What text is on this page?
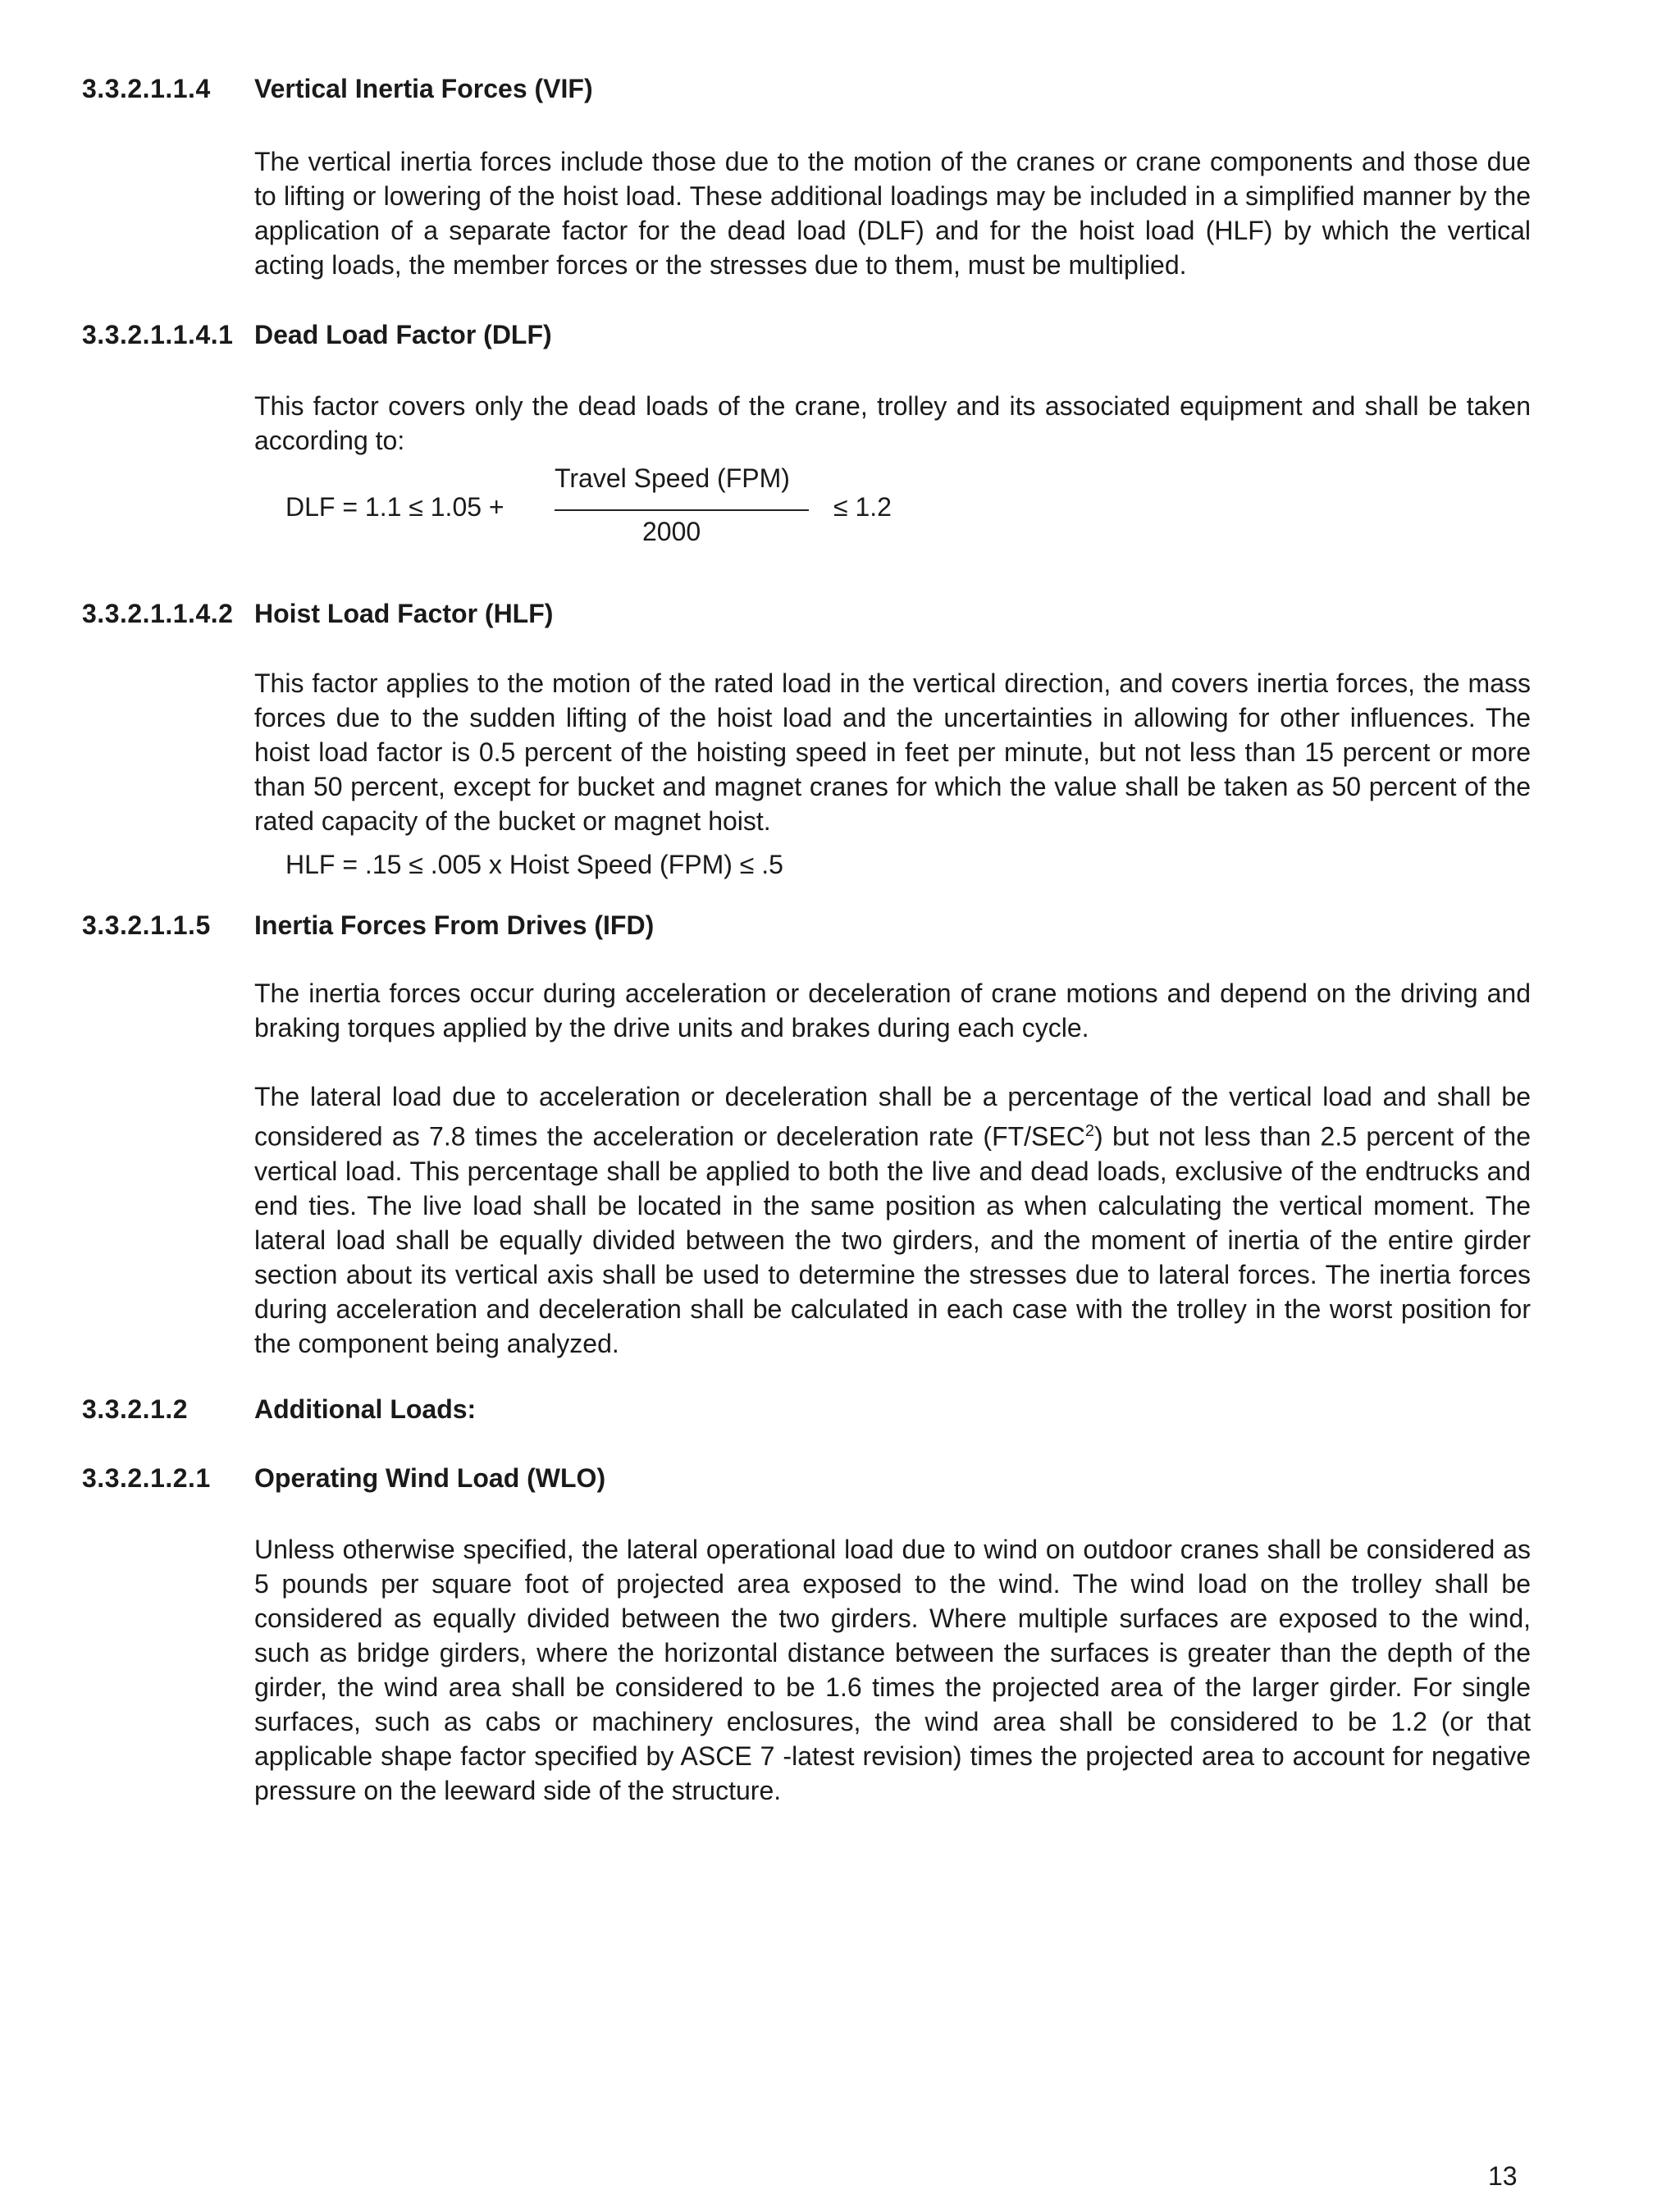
3.3.2.1.1.4 Vertical Inertia Forces (VIF)

The vertical inertia forces include those due to the motion of the cranes or crane components and those due to lifting or lowering of the hoist load. These additional loadings may be included in a simplified manner by the application of a separate factor for the dead load (DLF) and for the hoist load (HLF) by which the vertical acting loads, the member forces or the stresses due to them, must be multiplied.

3.3.2.1.1.4.1 Dead Load Factor (DLF)

This factor covers only the dead loads of the crane, trolley and its associated equipment and shall be taken according to:

DLF = 1.1 ≤ 1.05 +
Travel Speed (FPM)
2000
≤ 1.2
3.3.2.1.1.4.2 Hoist Load Factor (HLF)

This factor applies to the motion of the rated load in the vertical direction, and covers inertia forces, the mass forces due to the sudden lifting of the hoist load and the uncertainties in allowing for other influences. The hoist load factor is 0.5 percent of the hoisting speed in feet per minute, but not less than 15 percent or more than 50 percent, except for bucket and magnet cranes for which the value shall be taken as 50 percent of the rated capacity of the bucket or magnet hoist.

HLF = .15 ≤ .005 x Hoist Speed (FPM) ≤ .5
3.3.2.1.1.5 Inertia Forces From Drives (IFD)

The inertia forces occur during acceleration or deceleration of crane motions and depend on the driving and braking torques applied by the drive units and brakes during each cycle.

The lateral load due to acceleration or deceleration shall be a percentage of the vertical load and shall be considered as 7.8 times the acceleration or deceleration rate (FT/SEC$^2$) but not less than 2.5 percent of the vertical load. This percentage shall be applied to both the live and dead loads, exclusive of the endtrucks and end ties. The live load shall be located in the same position as when calculating the vertical moment. The lateral load shall be equally divided between the two girders, and the moment of inertia of the entire girder section about its vertical axis shall be used to determine the stresses due to lateral forces. The inertia forces during acceleration and deceleration shall be calculated in each case with the trolley in the worst position for the component being analyzed.

3.3.2.1.2	Additional Loads:
3.3.2.1.2.1 Operating Wind Load (WLO)

Unless otherwise specified, the lateral operational load due to wind on outdoor cranes shall be considered as 5 pounds per square foot of projected area exposed to the wind. The wind load on the trolley shall be considered as equally divided between the two girders. Where multiple surfaces are exposed to the wind, such as bridge girders, where the horizontal distance between the surfaces is greater than the depth of the girder, the wind area shall be considered to be 1.6 times the projected area of the larger girder. For single surfaces, such as cabs or machinery enclosures, the wind area shall be considered to be 1.2 (or that applicable shape factor specified by ASCE 7 -latest revision) times the projected area to account for negative pressure on the leeward side of the structure.

13
